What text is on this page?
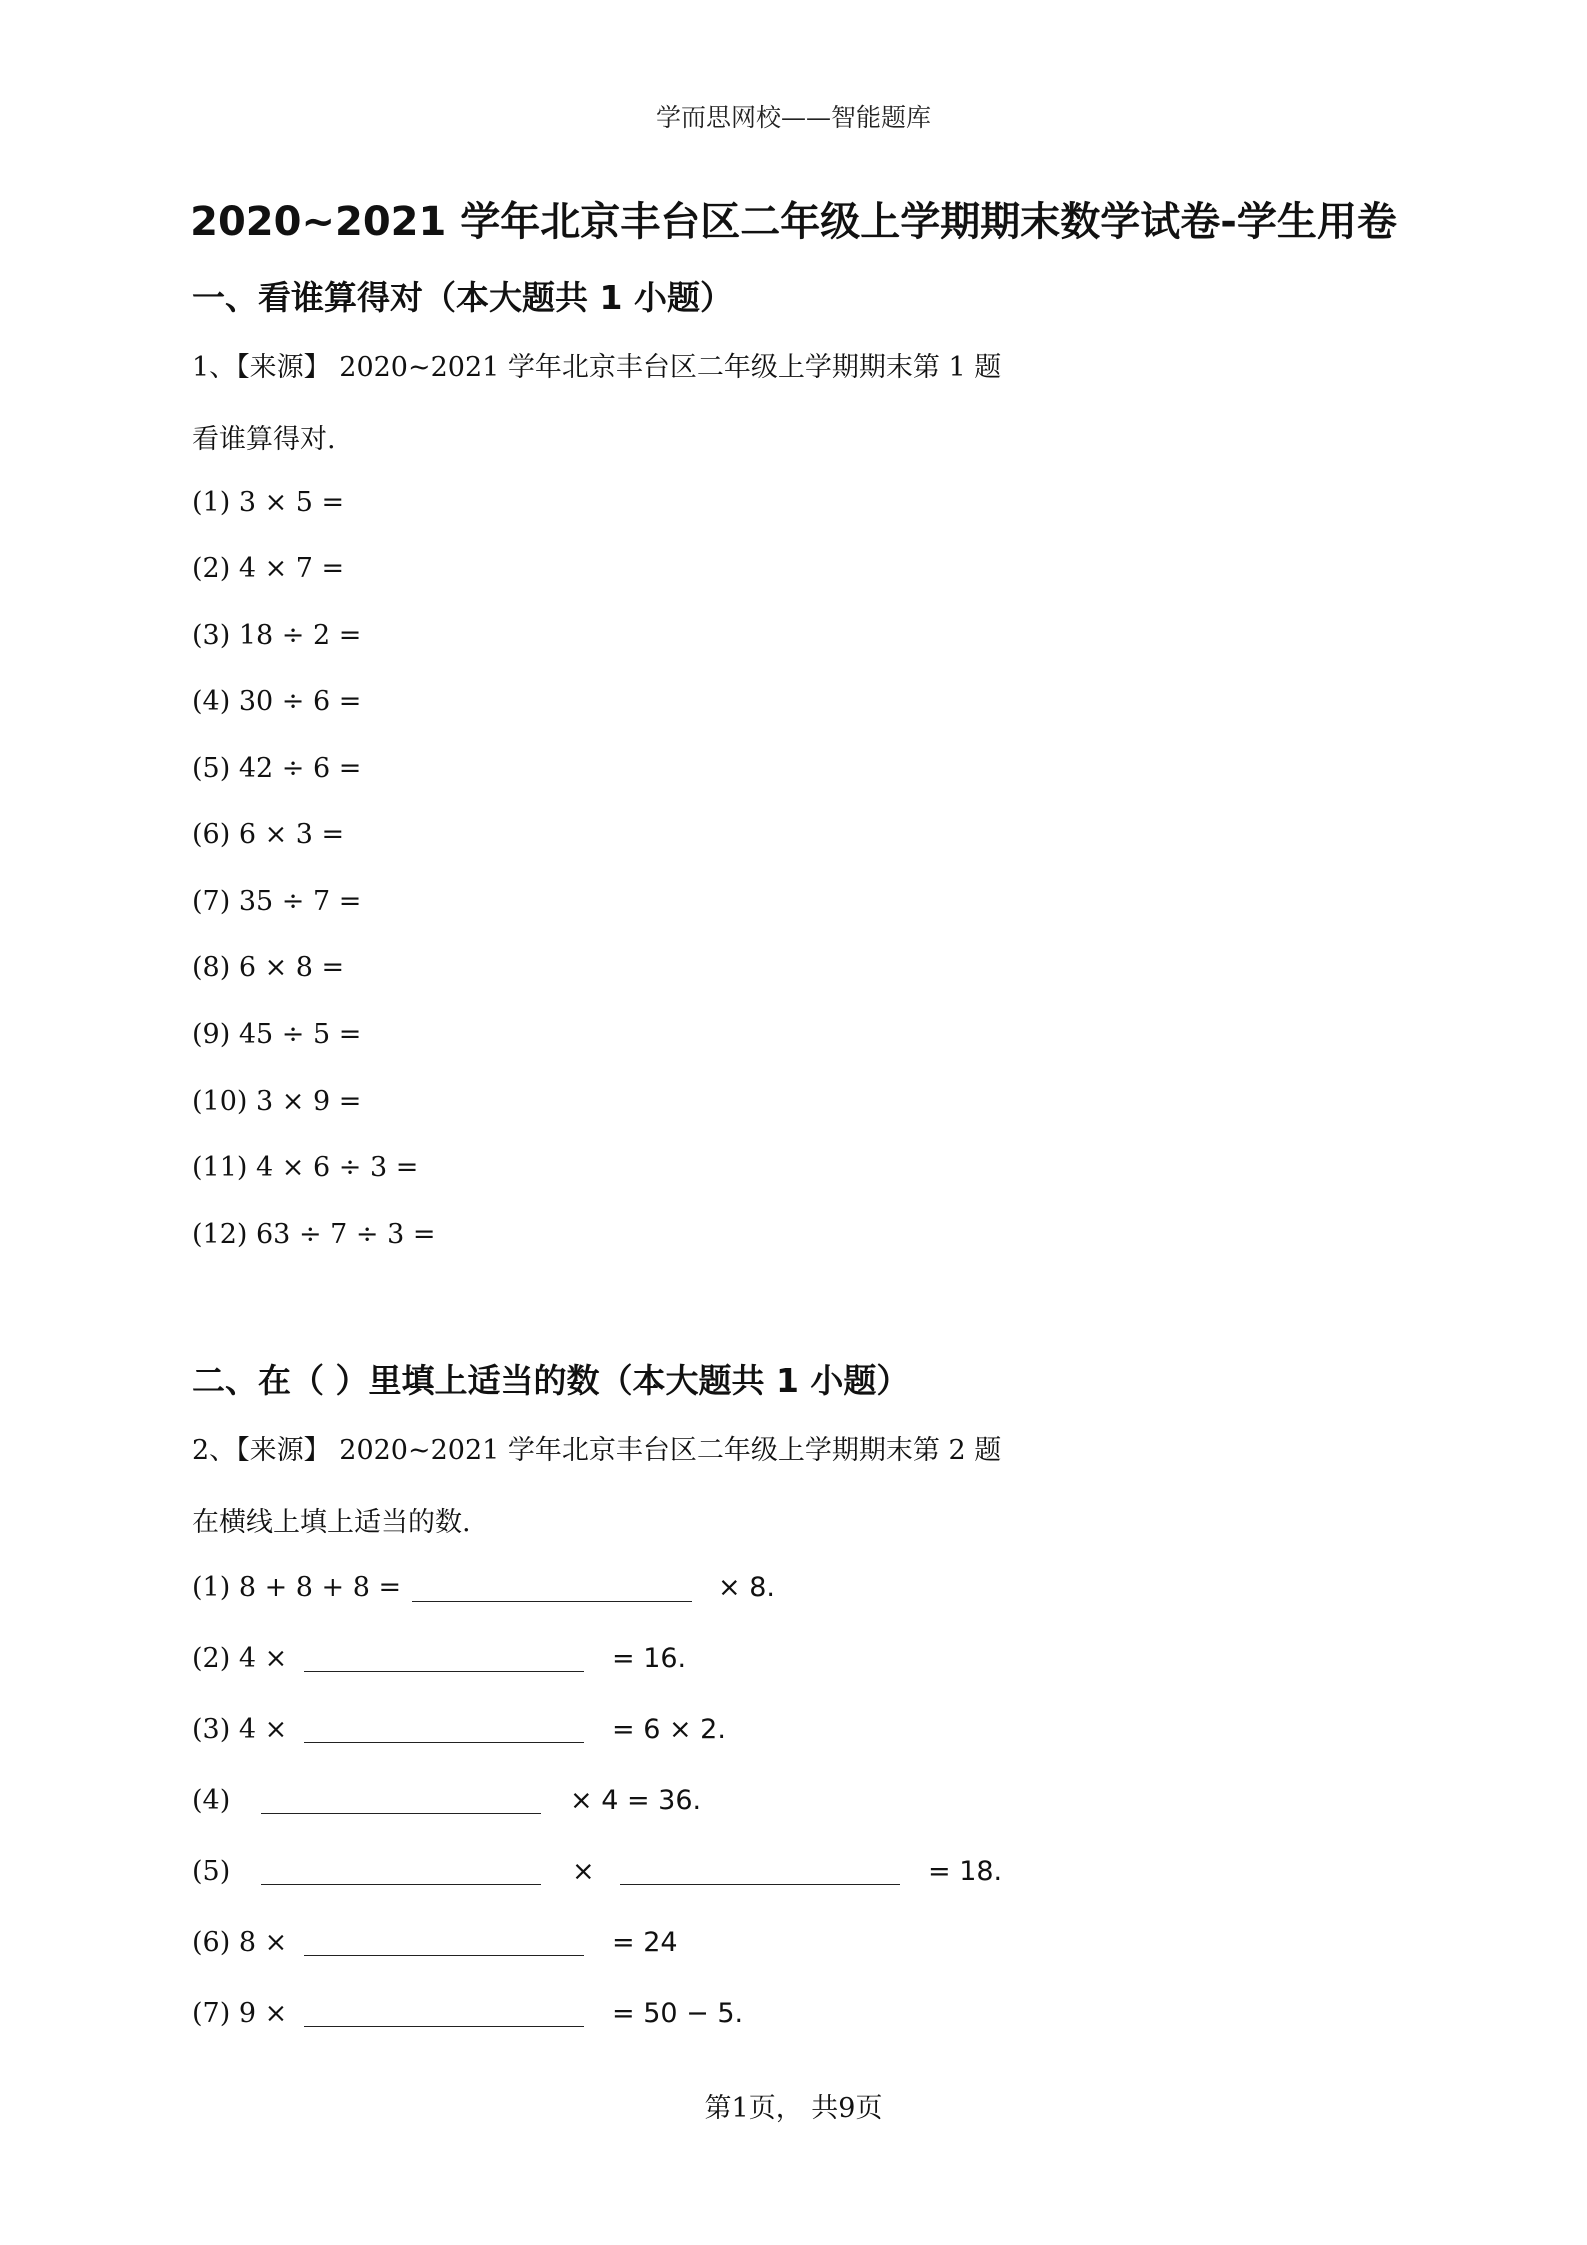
学而思网校——智能题库
2020~2021 学年北京丰台区二年级上学期期末数学试卷-学生用卷
一、看谁算得对（本大题共 1 小题）
1、【来源】 2020~2021 学年北京丰台区二年级上学期期末第 1 题
看谁算得对.
(1) 3 × 5 =
(2) 4 × 7 =
(3) 18 ÷ 2 =
(4) 30 ÷ 6 =
(5) 42 ÷ 6 =
(6) 6 × 3 =
(7) 35 ÷ 7 =
(8) 6 × 8 =
(9) 45 ÷ 5 =
(10) 3 × 9 =
(11) 4 × 6 ÷ 3 =
(12) 63 ÷ 7 ÷ 3 =
二、在（ ）里填上适当的数（本大题共 1 小题）
2、【来源】 2020~2021 学年北京丰台区二年级上学期期末第 2 题
在横线上填上适当的数.
(1) 8 + 8 + 8 =	× 8.
(2) 4 ×	= 16.
(3) 4 ×	= 6 × 2.
(4)	× 4 = 36.
(5)	×	= 18.
(6) 8 ×	= 24
(7) 9 ×	= 50 − 5.
第1页， 共9页
